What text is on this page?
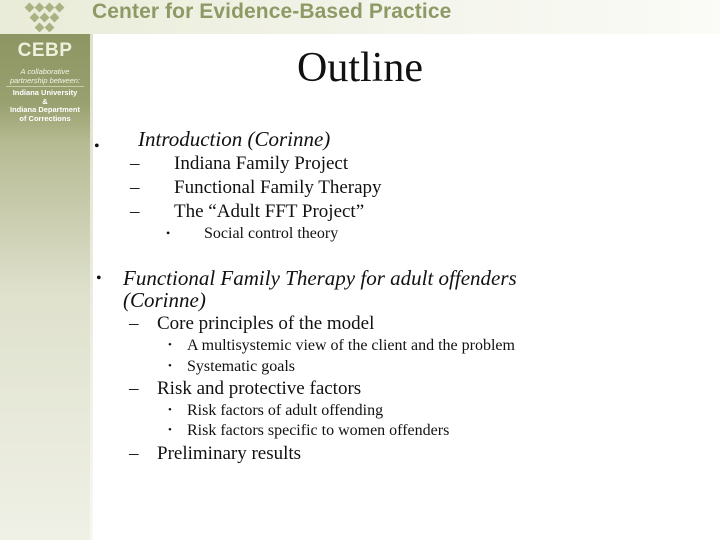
Center for Evidence-Based Practice
CEBP
A collaborative
partnership between:
Indiana University
&
Indiana Department
of Corrections
Outline
• Introduction (Corinne)
– Indiana Family Project
– Functional Family Therapy
– The “Adult FFT Project”
• Social control theory
• Functional Family Therapy for adult offenders
(Corinne)
– Core principles of the model
• A multisystemic view of the client and the problem
• Systematic goals
– Risk and protective factors
• Risk factors of adult offending
• Risk factors specific to women offenders
– Preliminary results
